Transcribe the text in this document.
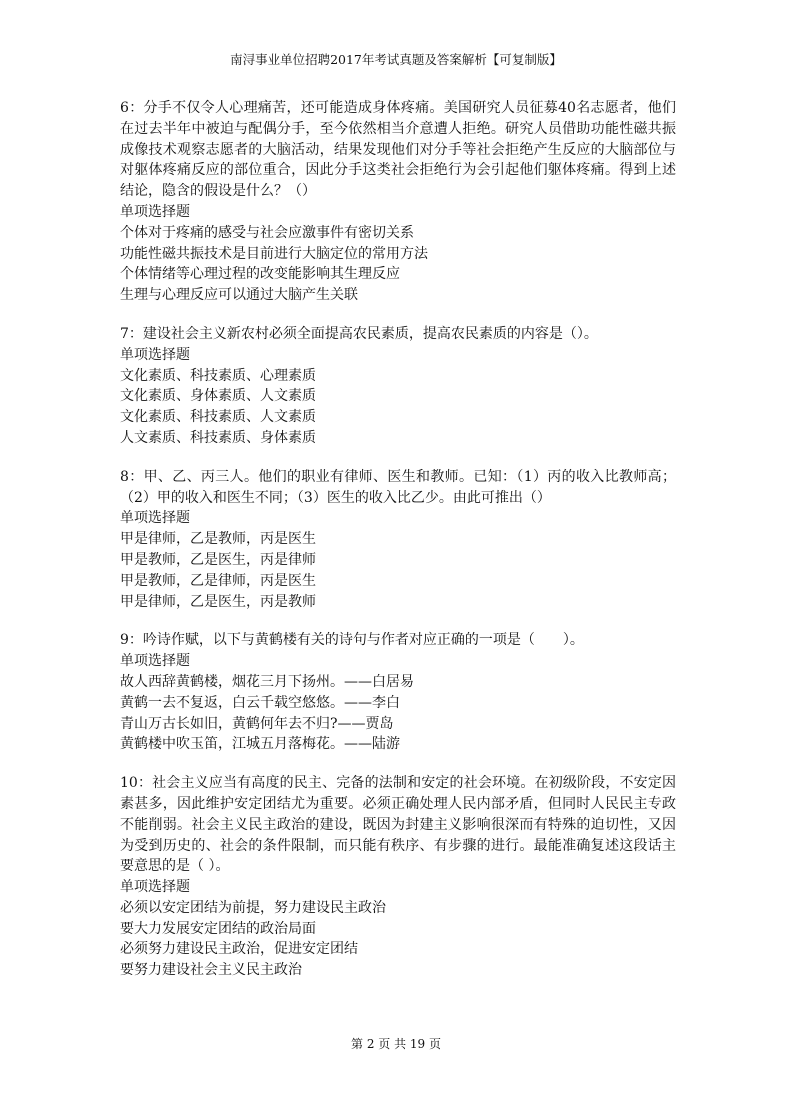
南浔事业单位招聘2017年考试真题及答案解析【可复制版】

6：分手不仅令人心理痛苦，还可能造成身体疼痛。美国研究人员征募40名志愿者，他们在过去半年中被迫与配偶分手，至今依然相当介意遭人拒绝。研究人员借助功能性磁共振成像技术观察志愿者的大脑活动，结果发现他们对分手等社会拒绝产生反应的大脑部位与对躯体疼痛反应的部位重合，因此分手这类社会拒绝行为会引起他们躯体疼痛。得到上述结论，隐含的假设是什么？（）

单项选择题

个体对于疼痛的感受与社会应激事件有密切关系
功能性磁共振技术是目前进行大脑定位的常用方法
个体情绪等心理过程的改变能影响其生理反应
生理与心理反应可以通过大脑产生关联

7：建设社会主义新农村必须全面提高农民素质，提高农民素质的内容是（）。

单项选择题

文化素质、科技素质、心理素质
文化素质、身体素质、人文素质
文化素质、科技素质、人文素质
人文素质、科技素质、身体素质

8：甲、乙、丙三人。他们的职业有律师、医生和教师。已知：（1）丙的收入比教师高；（2）甲的收入和医生不同；（3）医生的收入比乙少。由此可推出（）

单项选择题

甲是律师，乙是教师，丙是医生
甲是教师，乙是医生，丙是律师
甲是教师，乙是律师，丙是医生
甲是律师，乙是医生，丙是教师

9：吟诗作赋，以下与黄鹤楼有关的诗句与作者对应正确的一项是（　　）。

单项选择题

故人西辞黄鹤楼，烟花三月下扬州。——白居易
黄鹤一去不复返，白云千载空悠悠。——李白
青山万古长如旧，黄鹤何年去不归?——贾岛
黄鹤楼中吹玉笛，江城五月落梅花。——陆游

10：社会主义应当有高度的民主、完备的法制和安定的社会环境。在初级阶段，不安定因素甚多，因此维护安定团结尤为重要。必须正确处理人民内部矛盾，但同时人民民主专政不能削弱。社会主义民主政治的建设，既因为封建主义影响很深而有特殊的迫切性，又因为受到历史的、社会的条件限制，而只能有秩序、有步骤的进行。最能准确复述这段话主要意思的是（ ）。

单项选择题

必须以安定团结为前提，努力建设民主政治
要大力发展安定团结的政治局面
必须努力建设民主政治，促进安定团结
要努力建设社会主义民主政治
第 2 页 共 19 页
